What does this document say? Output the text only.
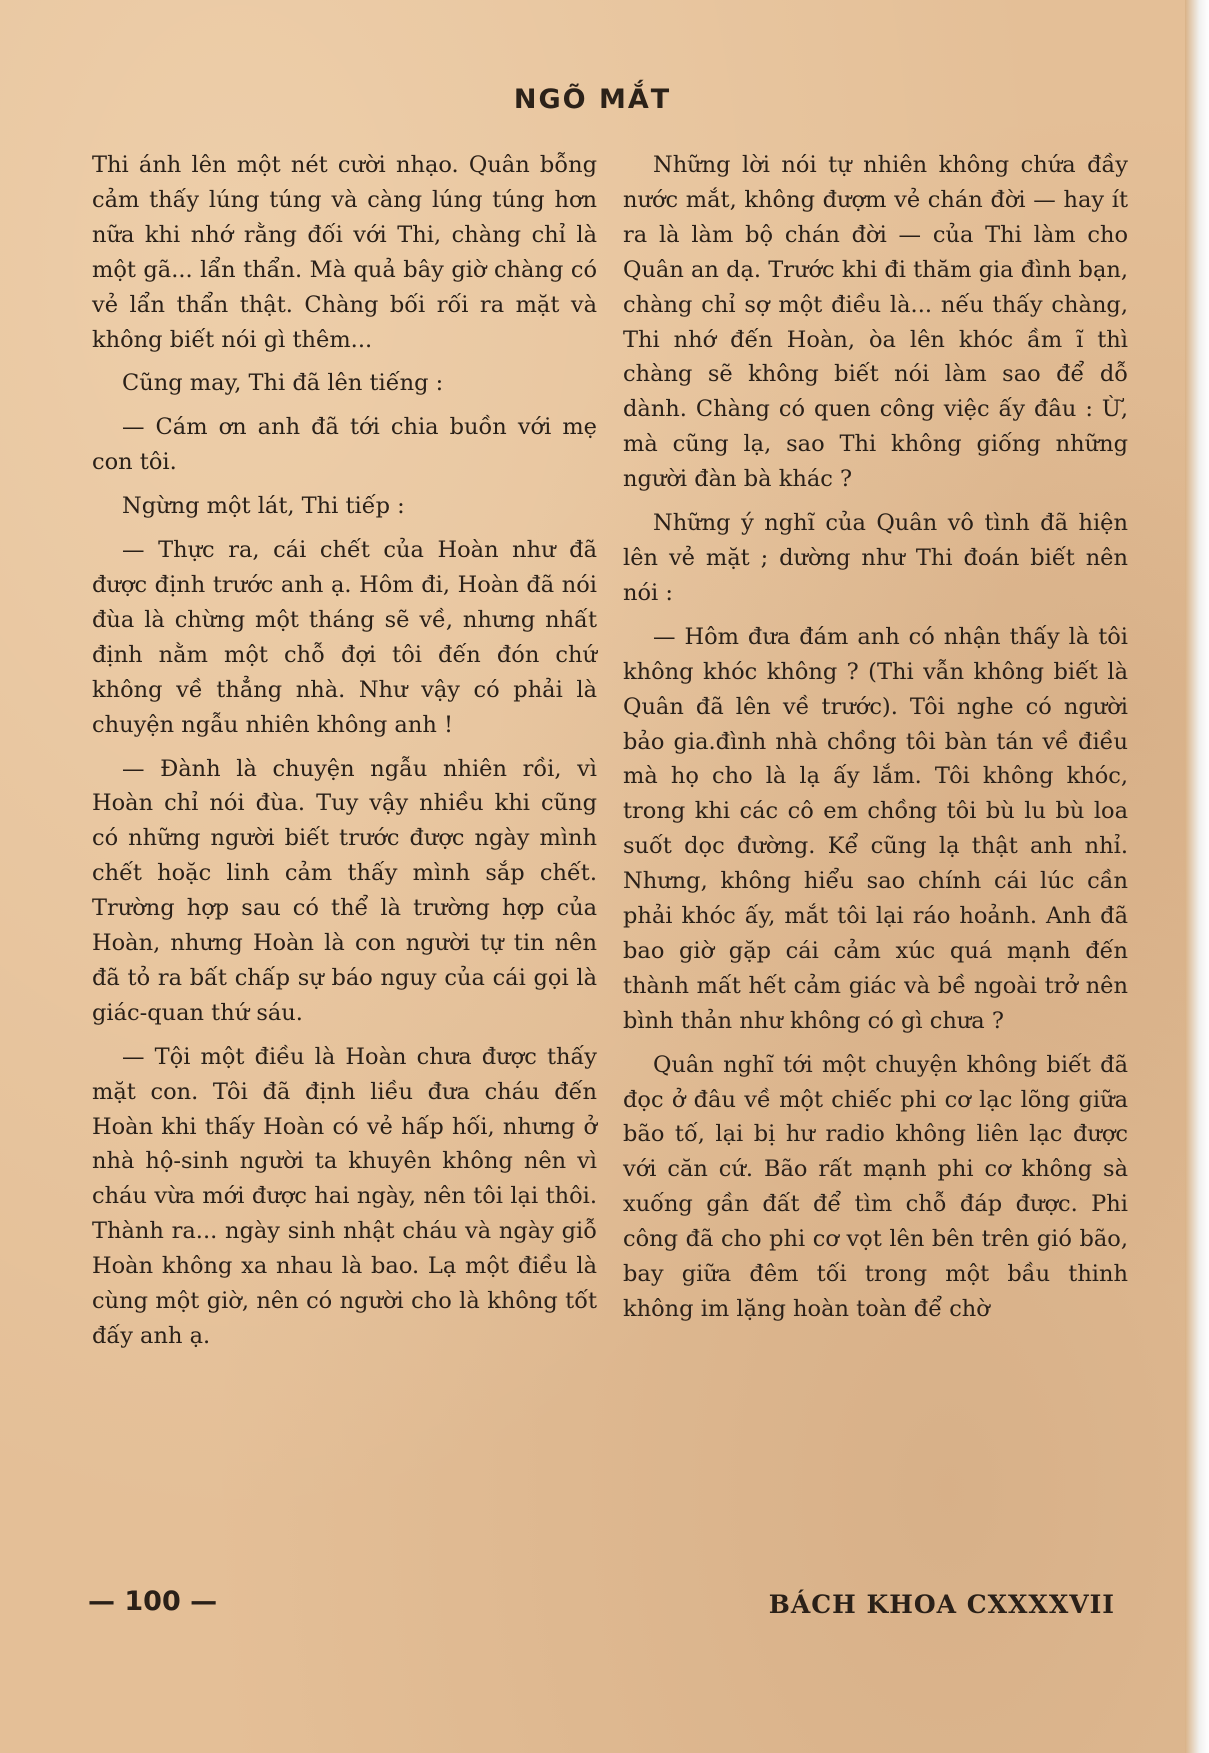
NGÕ MẮT

Thi ánh lên một nét cười nhạo. Quân bỗng cảm thấy lúng túng và càng lúng túng hơn nữa khi nhớ rằng đối với Thi, chàng chỉ là một gã... lẩn thẩn. Mà quả bây giờ chàng có vẻ lẩn thẩn thật. Chàng bối rối ra mặt và không biết nói gì thêm...

Cũng may, Thi đã lên tiếng :

— Cám ơn anh đã tới chia buồn với mẹ con tôi.

Ngừng một lát, Thi tiếp :

— Thực ra, cái chết của Hoàn như đã được định trước anh ạ. Hôm đi, Hoàn đã nói đùa là chừng một tháng sẽ về, nhưng nhất định nằm một chỗ đợi tôi đến đón chứ không về thẳng nhà. Như vậy có phải là chuyện ngẫu nhiên không anh !

— Đành là chuyện ngẫu nhiên rồi, vì Hoàn chỉ nói đùa. Tuy vậy nhiều khi cũng có những người biết trước được ngày mình chết hoặc linh cảm thấy mình sắp chết. Trường hợp sau có thể là trường hợp của Hoàn, nhưng Hoàn là con người tự tin nên đã tỏ ra bất chấp sự báo nguy của cái gọi là giác-quan thứ sáu.

— Tội một điều là Hoàn chưa được thấy mặt con. Tôi đã định liều đưa cháu đến Hoàn khi thấy Hoàn có vẻ hấp hối, nhưng ở nhà hộ-sinh người ta khuyên không nên vì cháu vừa mới được hai ngày, nên tôi lại thôi. Thành ra... ngày sinh nhật cháu và ngày giỗ Hoàn không xa nhau là bao. Lạ một điều là cùng một giờ, nên có người cho là không tốt đấy anh ạ.

Những lời nói tự nhiên không chứa đầy nước mắt, không đượm vẻ chán đời — hay ít ra là làm bộ chán đời — của Thi làm cho Quân an dạ. Trước khi đi thăm gia đình bạn, chàng chỉ sợ một điều là... nếu thấy chàng, Thi nhớ đến Hoàn, òa lên khóc ầm ĩ thì chàng sẽ không biết nói làm sao để dỗ dành. Chàng có quen công việc ấy đâu : Ừ, mà cũng lạ, sao Thi không giống những người đàn bà khác ?

Những ý nghĩ của Quân vô tình đã hiện lên vẻ mặt ; dường như Thi đoán biết nên nói :

— Hôm đưa đám anh có nhận thấy là tôi không khóc không ? (Thi vẫn không biết là Quân đã lên về trước). Tôi nghe có người bảo gia.đình nhà chồng tôi bàn tán về điều mà họ cho là lạ ấy lắm. Tôi không khóc, trong khi các cô em chồng tôi bù lu bù loa suốt dọc đường. Kể cũng lạ thật anh nhỉ. Nhưng, không hiểu sao chính cái lúc cần phải khóc ấy, mắt tôi lại ráo hoảnh. Anh đã bao giờ gặp cái cảm xúc quá mạnh đến thành mất hết cảm giác và bề ngoài trở nên bình thản như không có gì chưa ?

Quân nghĩ tới một chuyện không biết đã đọc ở đâu về một chiếc phi cơ lạc lõng giữa bão tố, lại bị hư radio không liên lạc được với căn cứ. Bão rất mạnh phi cơ không sà xuống gần đất để tìm chỗ đáp được. Phi công đã cho phi cơ vọt lên bên trên gió bão, bay giữa đêm tối trong một bầu thinh không im lặng hoàn toàn để chờ

— 100 —	BÁCH KHOA CXXXXVII
